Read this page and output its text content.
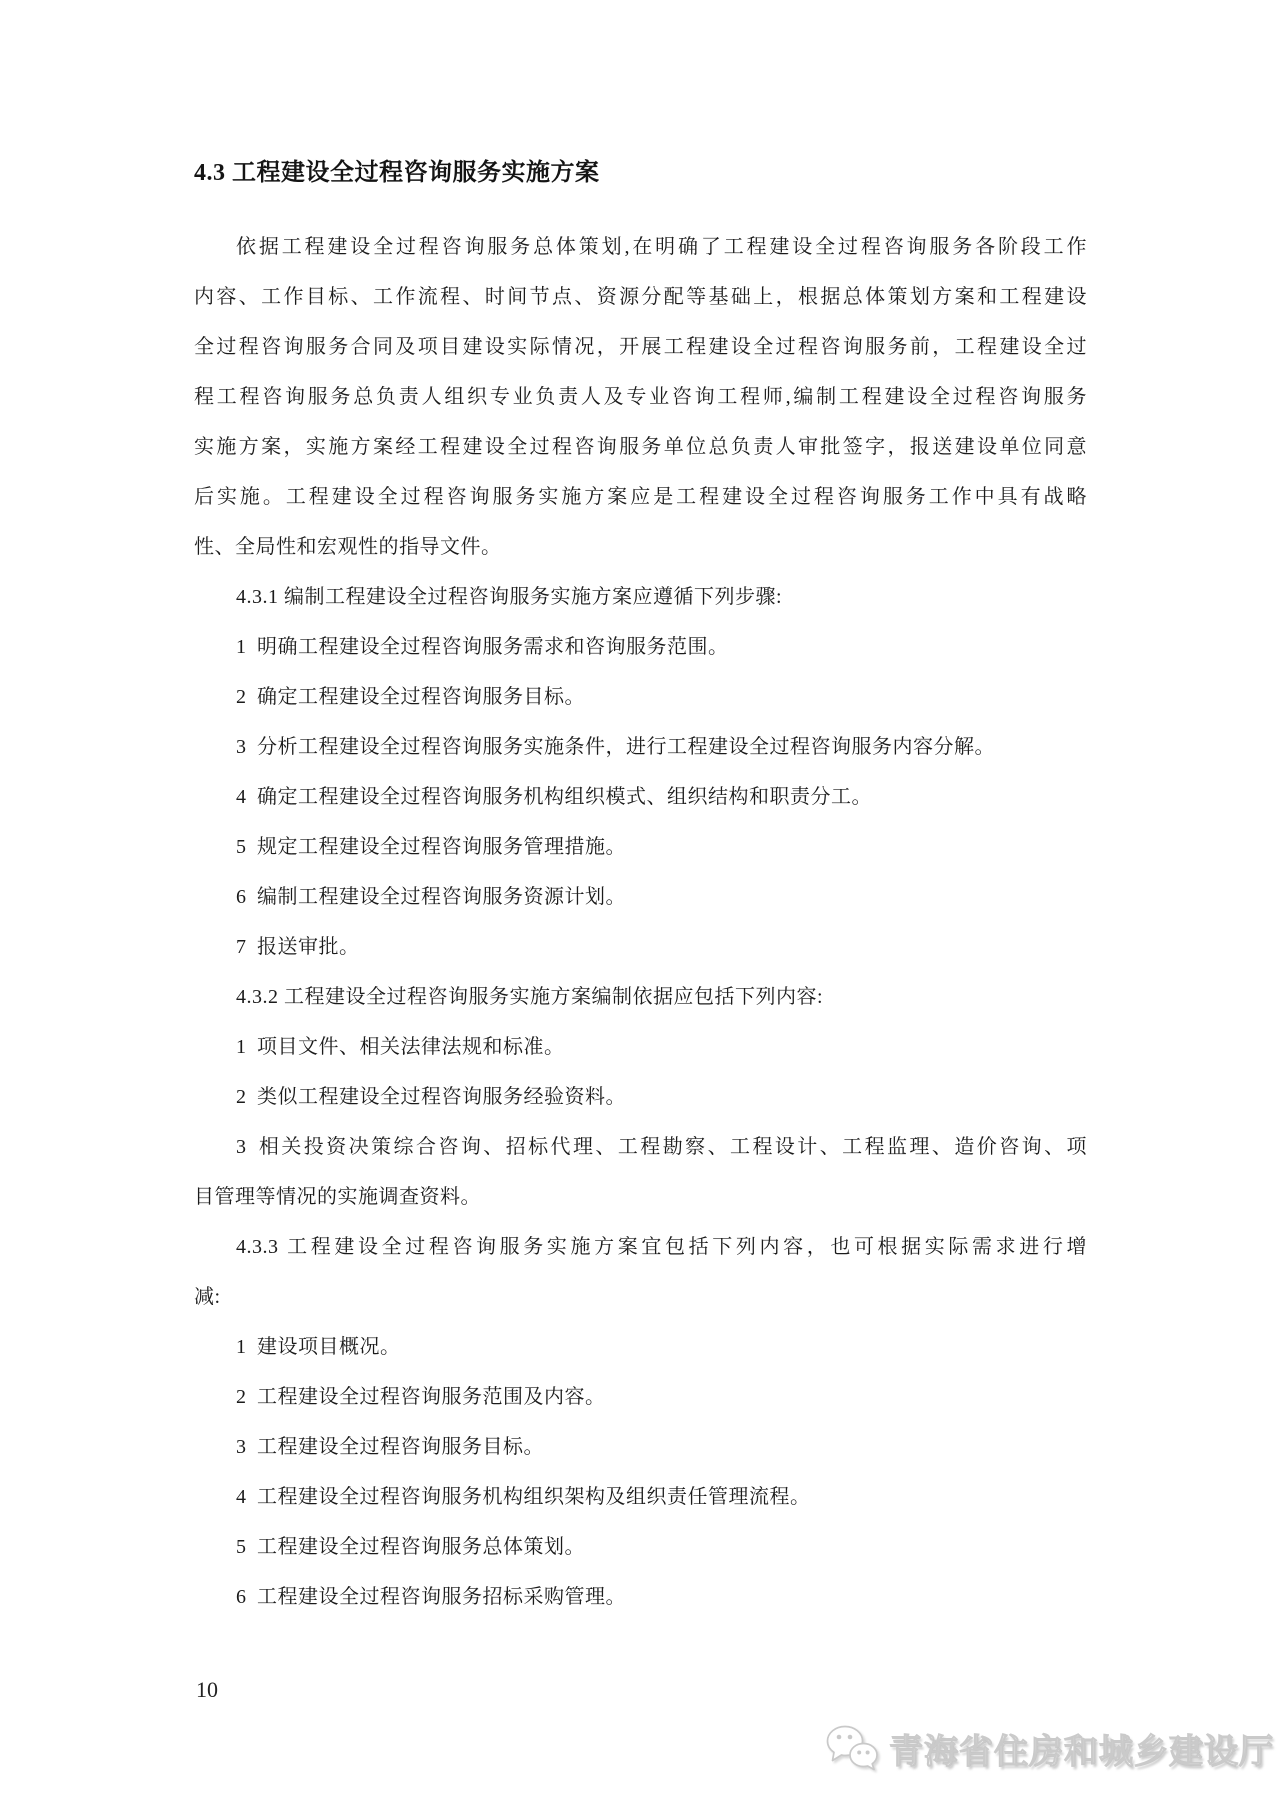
4.3 工程建设全过程咨询服务实施方案
依据工程建设全过程咨询服务总体策划,在明确了工程建设全过程咨询服务各阶段工作
内容、工作目标、工作流程、时间节点、资源分配等基础上，根据总体策划方案和工程建设
全过程咨询服务合同及项目建设实际情况，开展工程建设全过程咨询服务前，工程建设全过
程工程咨询服务总负责人组织专业负责人及专业咨询工程师,编制工程建设全过程咨询服务
实施方案，实施方案经工程建设全过程咨询服务单位总负责人审批签字，报送建设单位同意
后实施。工程建设全过程咨询服务实施方案应是工程建设全过程咨询服务工作中具有战略
性、全局性和宏观性的指导文件。
4.3.1 编制工程建设全过程咨询服务实施方案应遵循下列步骤:
1 明确工程建设全过程咨询服务需求和咨询服务范围。
2 确定工程建设全过程咨询服务目标。
3 分析工程建设全过程咨询服务实施条件，进行工程建设全过程咨询服务内容分解。
4 确定工程建设全过程咨询服务机构组织模式、组织结构和职责分工。
5 规定工程建设全过程咨询服务管理措施。
6 编制工程建设全过程咨询服务资源计划。
7 报送审批。
4.3.2 工程建设全过程咨询服务实施方案编制依据应包括下列内容:
1 项目文件、相关法律法规和标准。
2 类似工程建设全过程咨询服务经验资料。
3 相关投资决策综合咨询、招标代理、工程勘察、工程设计、工程监理、造价咨询、项
目管理等情况的实施调查资料。
4.3.3 工程建设全过程咨询服务实施方案宜包括下列内容，也可根据实际需求进行增
减:
1 建设项目概况。
2 工程建设全过程咨询服务范围及内容。
3 工程建设全过程咨询服务目标。
4 工程建设全过程咨询服务机构组织架构及组织责任管理流程。
5 工程建设全过程咨询服务总体策划。
6 工程建设全过程咨询服务招标采购管理。
10
青海省住房和城乡建设厅
